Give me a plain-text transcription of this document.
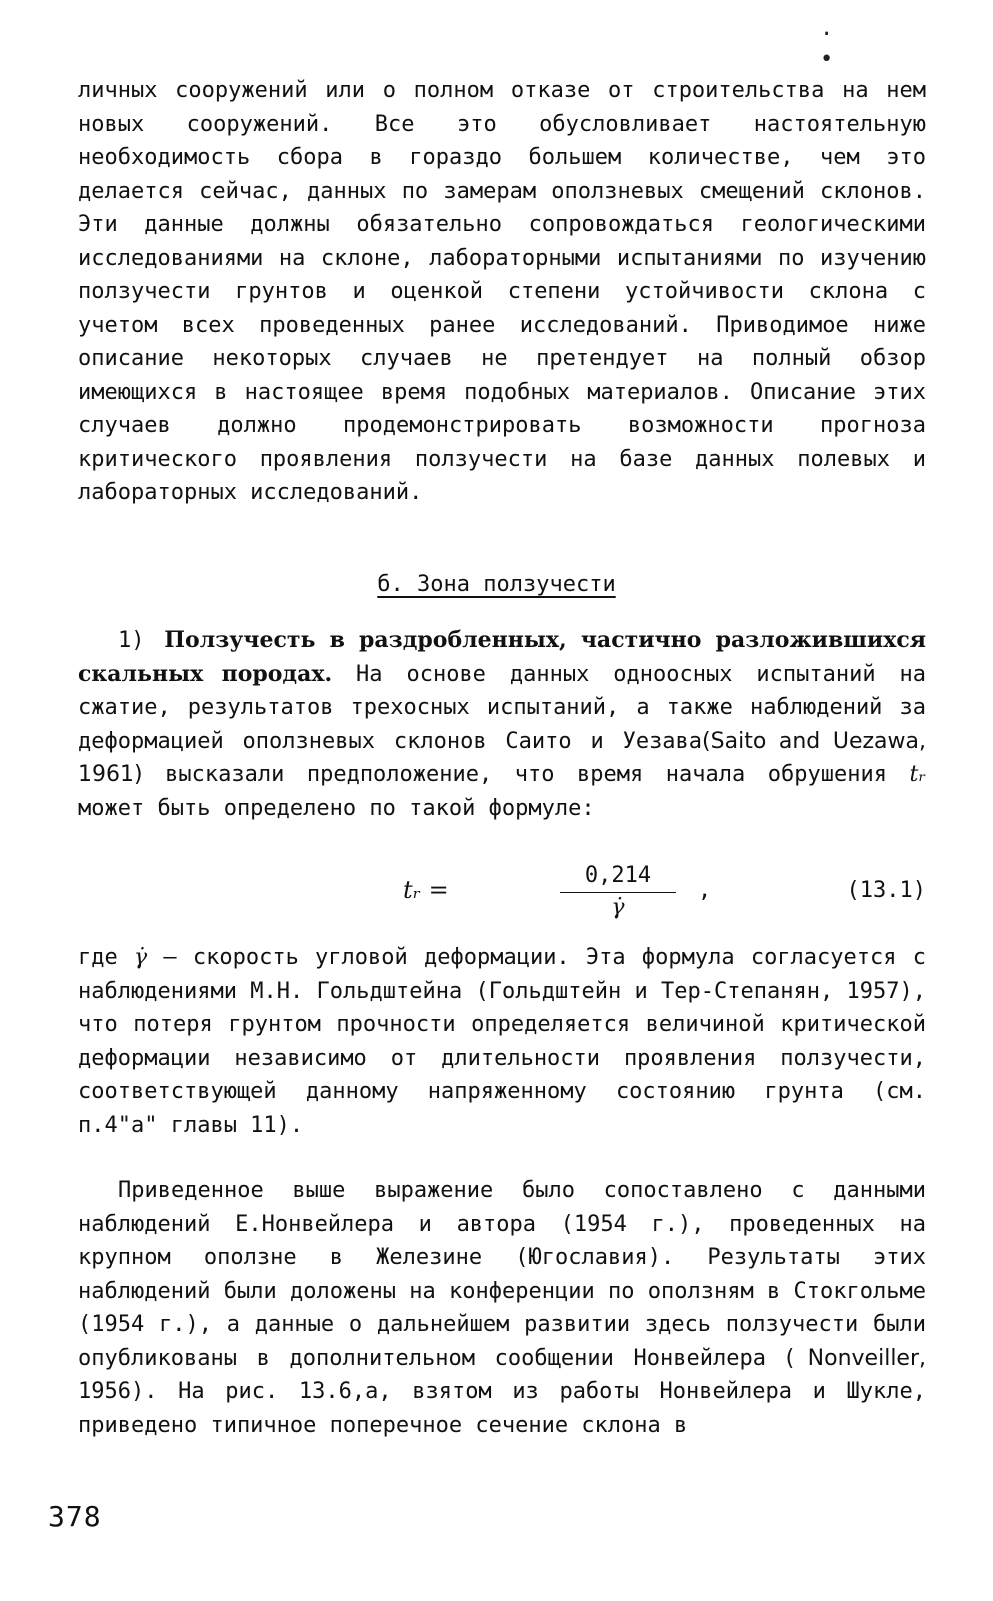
· •

личных сооружений или о полном отказе от строительства на нем новых сооружений. Все это обусловливает настоятельную необходимость сбора в гораздо большем количестве, чем это делается сейчас, данных по замерам оползневых смещений склонов. Эти данные должны обязательно сопровождаться геологическими исследованиями на склоне, лабораторными испытаниями по изучению ползучести грунтов и оценкой степени устойчивости склона с учетом всех проведенных ранее исследований. Приводимое ниже описание некоторых случаев не претендует на полный обзор имеющихся в настоящее время подобных материалов. Описание этих случаев должно продемонстрировать возможности прогноза критического проявления ползучести на базе данных полевых и лабораторных исследований.

б. Зона ползучести

1) Ползучесть в раздробленных, частично разложившихся скальных породах. На основе данных одноосных испытаний на сжатие, результатов трехосных испытаний, а также наблюдений за деформацией оползневых склонов Саито и Уезава(Saito and Uezawa, 1961) высказали предположение, что время начала обрушения tᵣ может быть определено по такой формуле:

tᵣ =	$\frac{0,214}{\gammȧ}$ ,	(13.1)

где γ̇ – скорость угловой деформации. Эта формула согласуется с наблюдениями М.Н. Гольдштейна (Гольдштейн и Тер-Степанян, 1957), что потеря грунтом прочности определяется величиной критической деформации независимо от длительности проявления ползучести, соответствующей данному напряженному состоянию грунта (см. п.4"а" главы 11).

Приведенное выше выражение было сопоставлено с данными наблюдений Е.Нонвейлера и автора (1954 г.), проведенных на крупном оползне в Железине (Югославия). Результаты этих наблюдений были доложены на конференции по оползням в Стокгольме (1954 г.), а данные о дальнейшем развитии здесь ползучести были опубликованы в дополнительном сообщении Нонвейлера ( Nonveiller, 1956). На рис. 13.6,а, взятом из работы Нонвейлера и Шукле, приведено типичное поперечное сечение склона в

378
